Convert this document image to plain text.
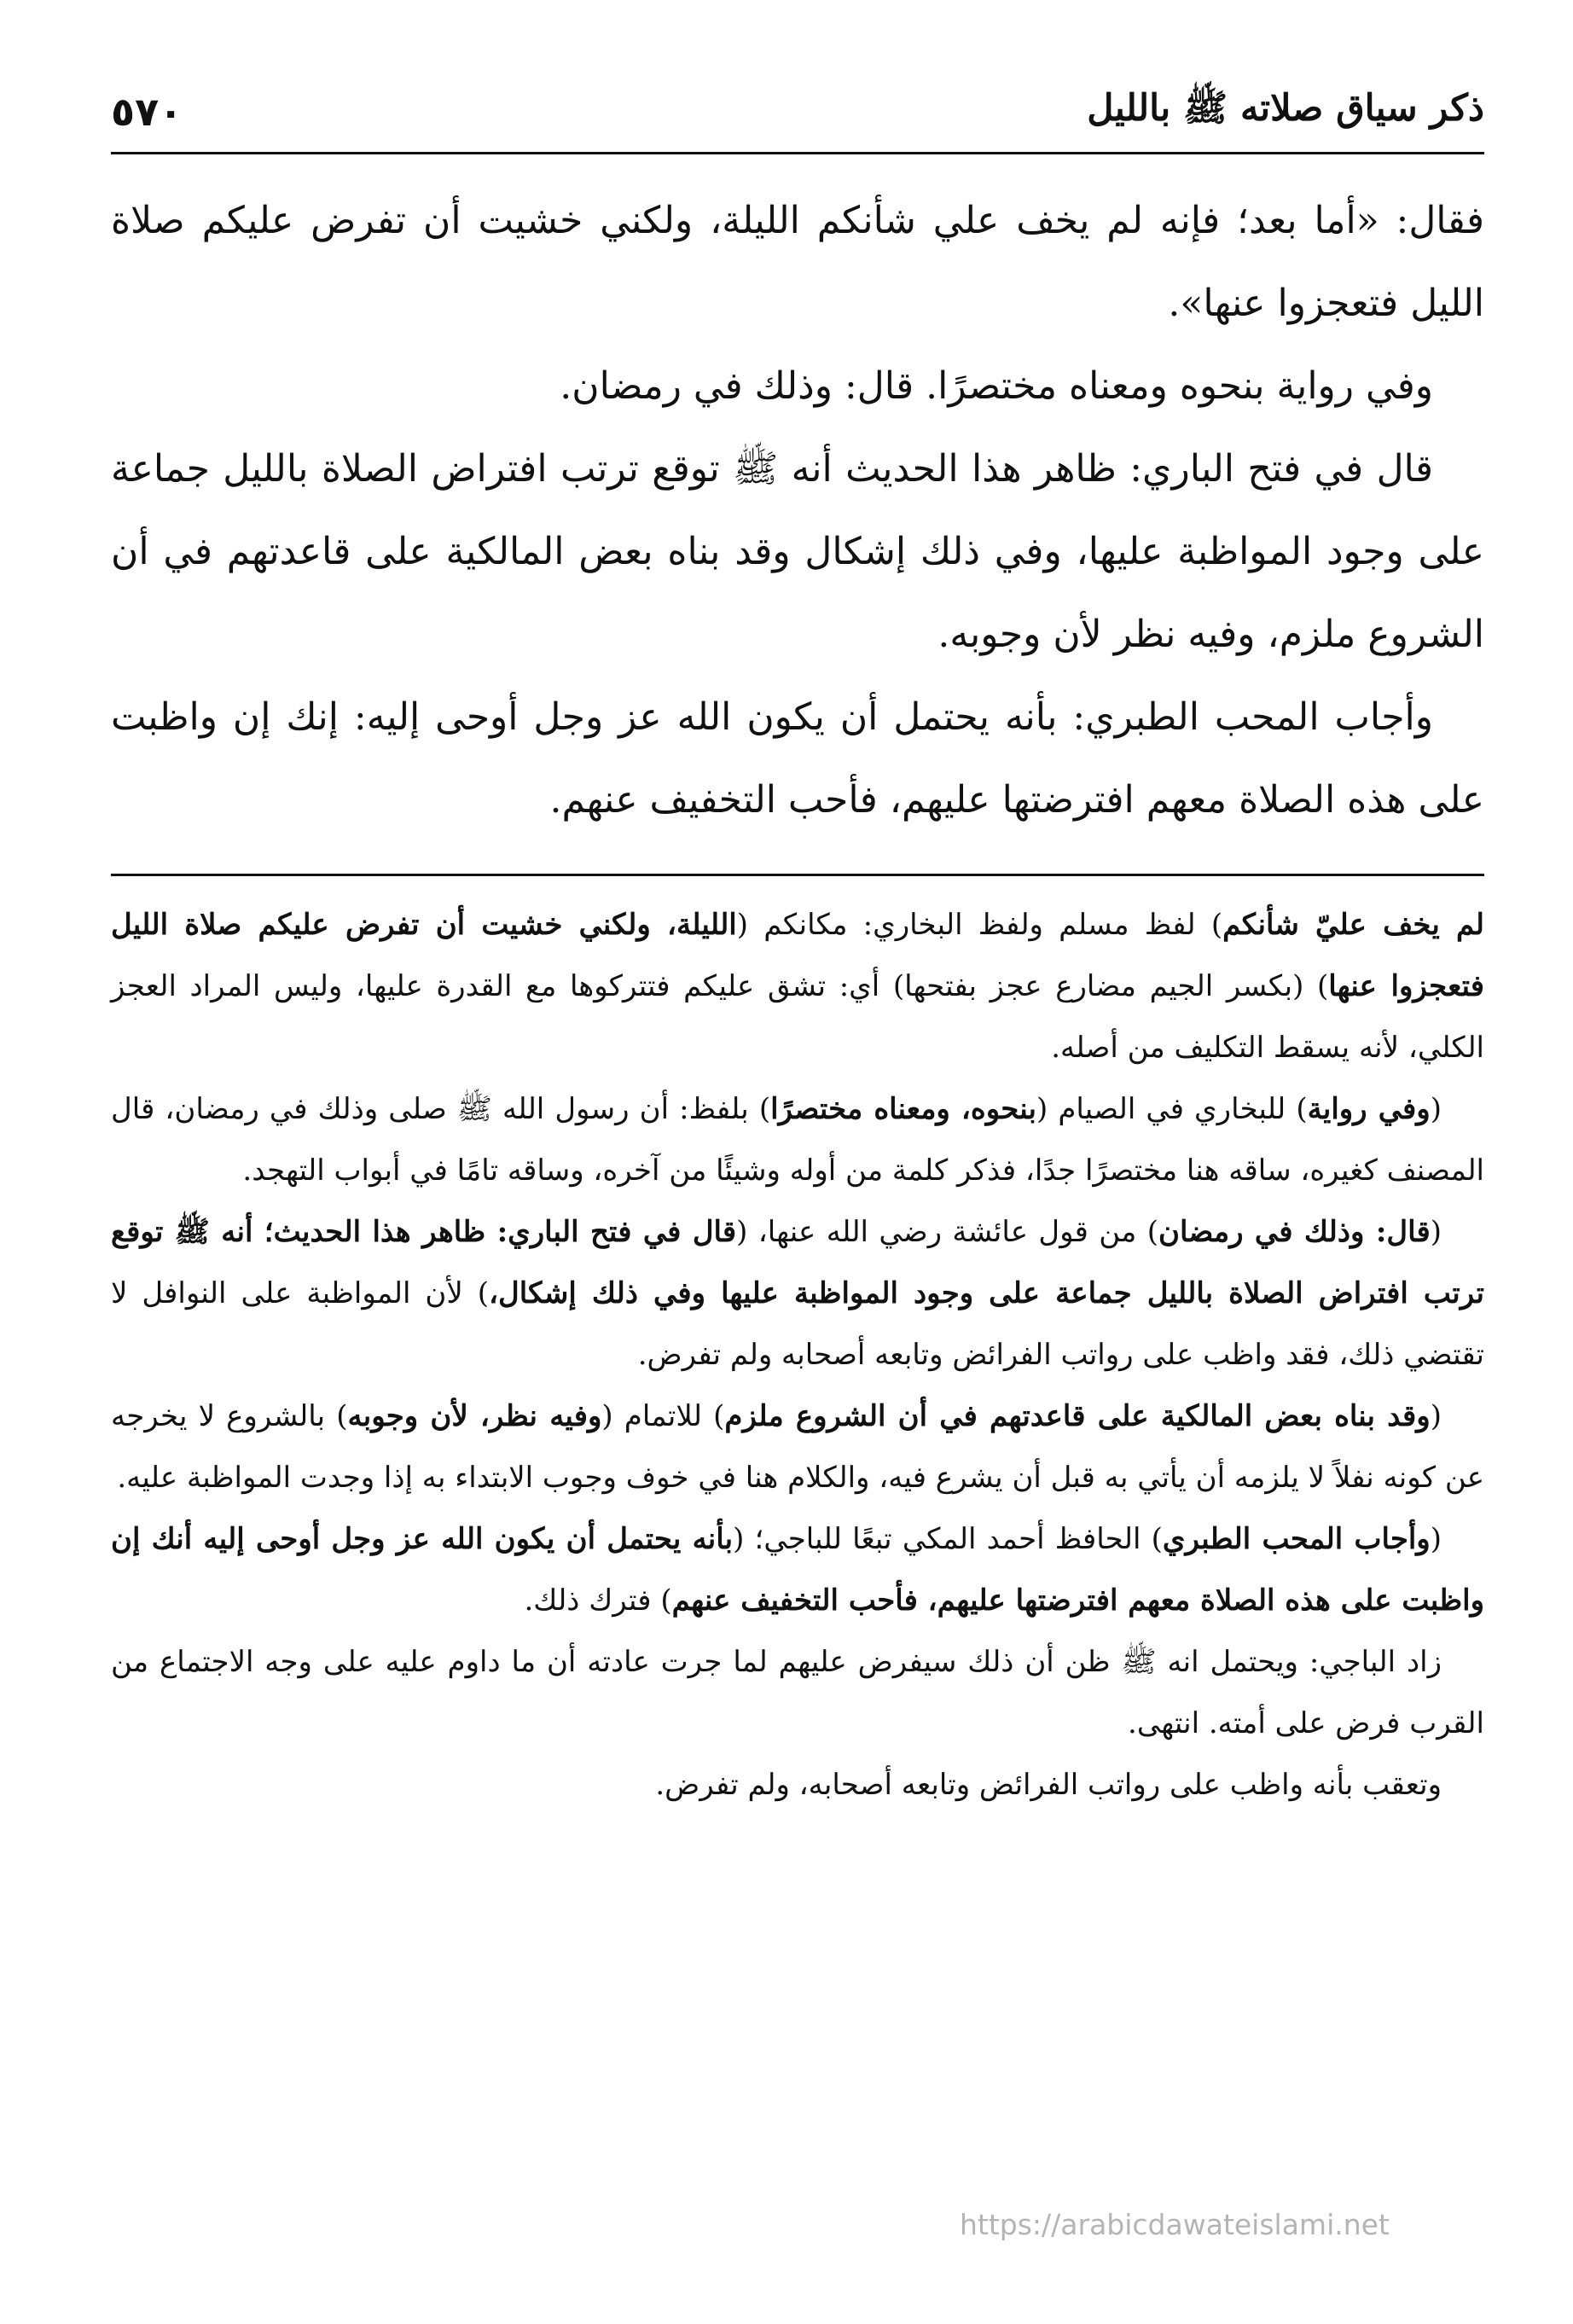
ذكر سياق صلاته ﷺ بالليل
٥٧٠

فقال: «أما بعد؛ فإنه لم يخف علي شأنكم الليلة، ولكني خشيت أن تفرض عليكم صلاة الليل فتعجزوا عنها».

وفي رواية بنحوه ومعناه مختصرًا. قال: وذلك في رمضان.

قال في فتح الباري: ظاهر هذا الحديث أنه ﷺ توقع ترتب افتراض الصلاة بالليل جماعة على وجود المواظبة عليها، وفي ذلك إشكال وقد بناه بعض المالكية على قاعدتهم في أن الشروع ملزم، وفيه نظر لأن وجوبه.

وأجاب المحب الطبري: بأنه يحتمل أن يكون الله عز وجل أوحى إليه: إنك إن واظبت على هذه الصلاة معهم افترضتها عليهم، فأحب التخفيف عنهم.

لم يخف عليّ شأنكم) لفظ مسلم ولفظ البخاري: مكانكم (الليلة، ولكني خشيت أن تفرض عليكم صلاة الليل فتعجزوا عنها) (بكسر الجيم مضارع عجز بفتحها) أي: تشق عليكم فتتركوها مع القدرة عليها، وليس المراد العجز الكلي، لأنه يسقط التكليف من أصله.

(وفي رواية) للبخاري في الصيام (بنحوه، ومعناه مختصرًا) بلفظ: أن رسول الله ﷺ صلى وذلك في رمضان، قال المصنف كغيره، ساقه هنا مختصرًا جدًا، فذكر كلمة من أوله وشيئًا من آخره، وساقه تامًا في أبواب التهجد.

(قال: وذلك في رمضان) من قول عائشة رضي الله عنها، (قال في فتح الباري: ظاهر هذا الحديث؛ أنه ﷺ توقع ترتب افتراض الصلاة بالليل جماعة على وجود المواظبة عليها وفي ذلك إشكال،) لأن المواظبة على النوافل لا تقتضي ذلك، فقد واظب على رواتب الفرائض وتابعه أصحابه ولم تفرض.

(وقد بناه بعض المالكية على قاعدتهم في أن الشروع ملزم) للاتمام (وفيه نظر، لأن وجوبه) بالشروع لا يخرجه عن كونه نفلاً لا يلزمه أن يأتي به قبل أن يشرع فيه، والكلام هنا في خوف وجوب الابتداء به إذا وجدت المواظبة عليه.

(وأجاب المحب الطبري) الحافظ أحمد المكي تبعًا للباجي؛ (بأنه يحتمل أن يكون الله عز وجل أوحى إليه أنك إن واظبت على هذه الصلاة معهم افترضتها عليهم، فأحب التخفيف عنهم) فترك ذلك.

زاد الباجي: ويحتمل انه ﷺ ظن أن ذلك سيفرض عليهم لما جرت عادته أن ما داوم عليه على وجه الاجتماع من القرب فرض على أمته. انتهى.

وتعقب بأنه واظب على رواتب الفرائض وتابعه أصحابه، ولم تفرض.

https://arabicdawateislami.net
